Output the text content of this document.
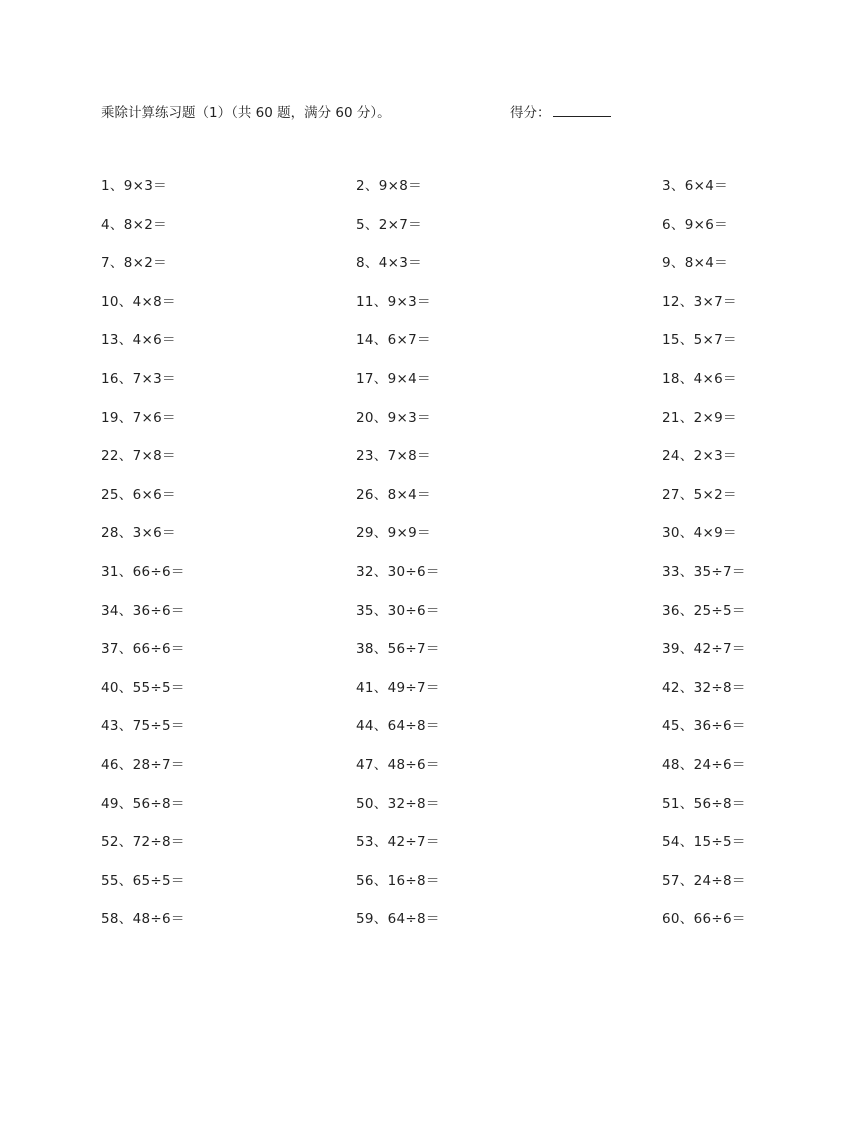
乘除计算练习题（1）（共 60 题，满分 60 分）。	得分：
1、9×3＝	2、9×8＝	3、6×4＝
4、8×2＝	5、2×7＝	6、9×6＝
7、8×2＝	8、4×3＝	9、8×4＝
10、4×8＝	11、9×3＝	12、3×7＝
13、4×6＝	14、6×7＝	15、5×7＝
16、7×3＝	17、9×4＝	18、4×6＝
19、7×6＝	20、9×3＝	21、2×9＝
22、7×8＝	23、7×8＝	24、2×3＝
25、6×6＝	26、8×4＝	27、5×2＝
28、3×6＝	29、9×9＝	30、4×9＝
31、66÷6＝	32、30÷6＝	33、35÷7＝
34、36÷6＝	35、30÷6＝	36、25÷5＝
37、66÷6＝	38、56÷7＝	39、42÷7＝
40、55÷5＝	41、49÷7＝	42、32÷8＝
43、75÷5＝	44、64÷8＝	45、36÷6＝
46、28÷7＝	47、48÷6＝	48、24÷6＝
49、56÷8＝	50、32÷8＝	51、56÷8＝
52、72÷8＝	53、42÷7＝	54、15÷5＝
55、65÷5＝	56、16÷8＝	57、24÷8＝
58、48÷6＝	59、64÷8＝	60、66÷6＝
